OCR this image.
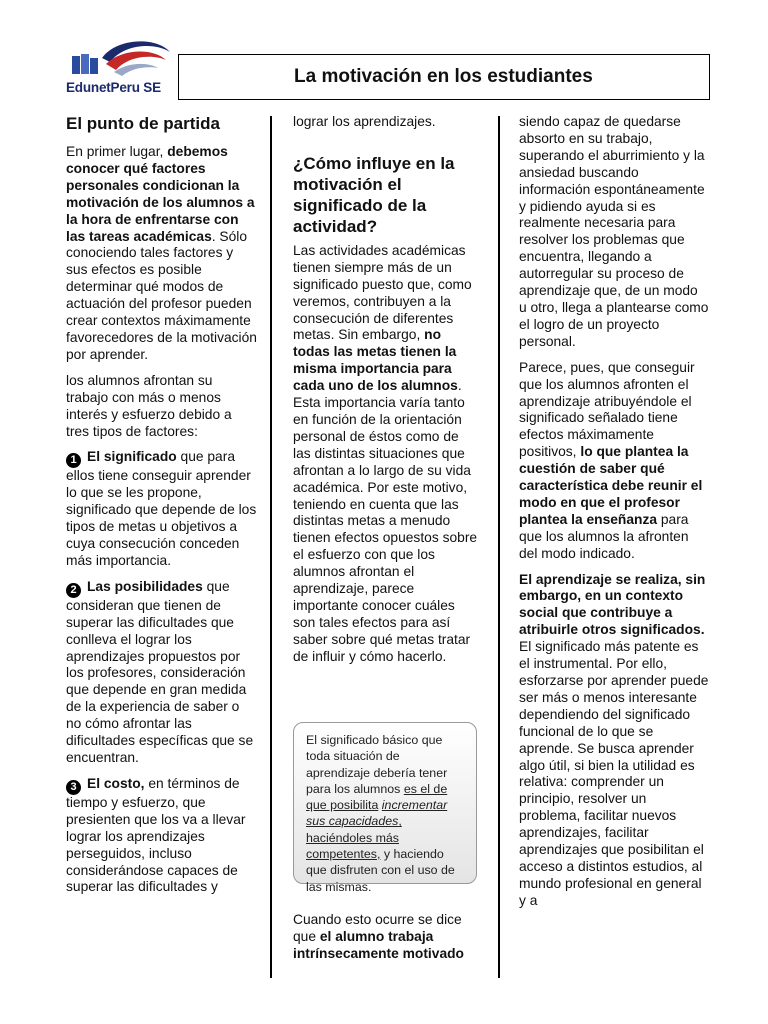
EdunetPeru SE
La motivación en los estudiantes
El punto de partida

En primer lugar, debemos conocer qué factores personales condicionan la motivación de los alumnos a la hora de enfrentarse con las tareas académicas. Sólo conociendo tales factores y sus efectos es posible determinar qué modos de actuación del profesor pueden crear contextos máximamente favorecedores de la motivación por aprender.

los alumnos afrontan su trabajo con más o menos interés y esfuerzo debido a tres tipos de factores:

1 El significado que para ellos tiene conseguir aprender lo que se les propone, significado que depende de los tipos de metas u objetivos a cuya consecución conceden más importancia.

2 Las posibilidades que consideran que tienen de superar las dificultades que conlleva el lograr los aprendizajes propuestos por los profesores, consideración que depende en gran medida de la experiencia de saber o no cómo afrontar las dificultades específicas que se encuentran.

3 El costo, en términos de tiempo y esfuerzo, que presienten que los va a llevar lograr los aprendizajes perseguidos, incluso considerándose capaces de superar las dificultades y

lograr los aprendizajes.

¿Cómo influye en la motivación el significado de la actividad?

Las actividades académicas tienen siempre más de un significado puesto que, como veremos, contribuyen a la consecución de diferentes metas. Sin embargo, no todas las metas tienen la misma importancia para cada uno de los alumnos. Esta importancia varía tanto en función de la orientación personal de éstos como de las distintas situaciones que afrontan a lo largo de su vida académica. Por este motivo, teniendo en cuenta que las distintas metas a menudo tienen efectos opuestos sobre el esfuerzo con que los alumnos afrontan el aprendizaje, parece importante conocer cuáles son tales efectos para así saber sobre qué metas tratar de influir y cómo hacerlo.

El significado básico que toda situación de aprendizaje debería tener para los alumnos es el de que posibilita incrementar sus capacidades, haciéndoles más competentes, y haciendo que disfruten con el uso de las mismas.

Cuando esto ocurre se dice que el alumno trabaja intrínsecamente motivado

siendo capaz de quedarse absorto en su trabajo, superando el aburrimiento y la ansiedad buscando información espontáneamente y pidiendo ayuda si es realmente necesaria para resolver los problemas que encuentra, llegando a autorregular su proceso de aprendizaje que, de un modo u otro, llega a plantearse como el logro de un proyecto personal.

Parece, pues, que conseguir que los alumnos afronten el aprendizaje atribuyéndole el significado señalado tiene efectos máximamente positivos, lo que plantea la cuestión de saber qué característica debe reunir el modo en que el profesor plantea la enseñanza para que los alumnos la afronten del modo indicado.

El aprendizaje se realiza, sin embargo, en un contexto social que contribuye a atribuirle otros significados. El significado más patente es el instrumental. Por ello, esforzarse por aprender puede ser más o menos interesante dependiendo del significado funcional de lo que se aprende. Se busca aprender algo útil, si bien la utilidad es relativa: comprender un principio, resolver un problema, facilitar nuevos aprendizajes, facilitar aprendizajes que posibilitan el acceso a distintos estudios, al mundo profesional en general y a
